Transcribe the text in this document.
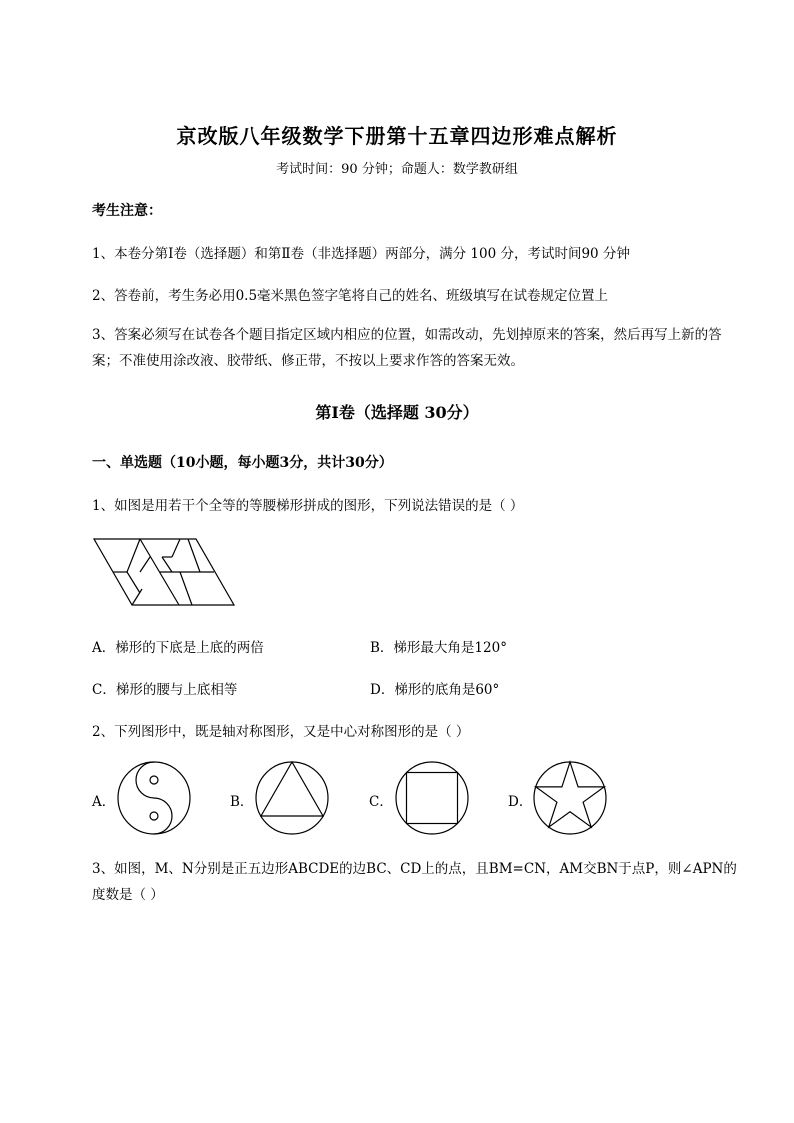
京改版八年级数学下册第十五章四边形难点解析
考试时间：90 分钟；命题人：数学教研组
考生注意：
1、本卷分第Ⅰ卷（选择题）和第Ⅱ卷（非选择题）两部分，满分 100 分，考试时间90 分钟
2、答卷前，考生务必用0.5毫米黑色签字笔将自己的姓名、班级填写在试卷规定位置上
3、答案必须写在试卷各个题目指定区域内相应的位置，如需改动，先划掉原来的答案，然后再写上新的答案；不准使用涂改液、胶带纸、修正带，不按以上要求作答的答案无效。
第Ⅰ卷（选择题 30分）
一、单选题（10小题，每小题3分，共计30分）
1、如图是用若干个全等的等腰梯形拼成的图形，下列说法错误的是（ ）
A．梯形的下底是上底的两倍	B．梯形最大角是120°
C．梯形的腰与上底相等	D．梯形的底角是60°
2、下列图形中，既是轴对称图形，又是中心对称图形的是（ ）
A．	B．	C．	D．
3、如图，M、N分别是正五边形ABCDE的边BC、CD上的点，且BM=CN，AM交BN于点P，则∠APN的度数是（ ）
